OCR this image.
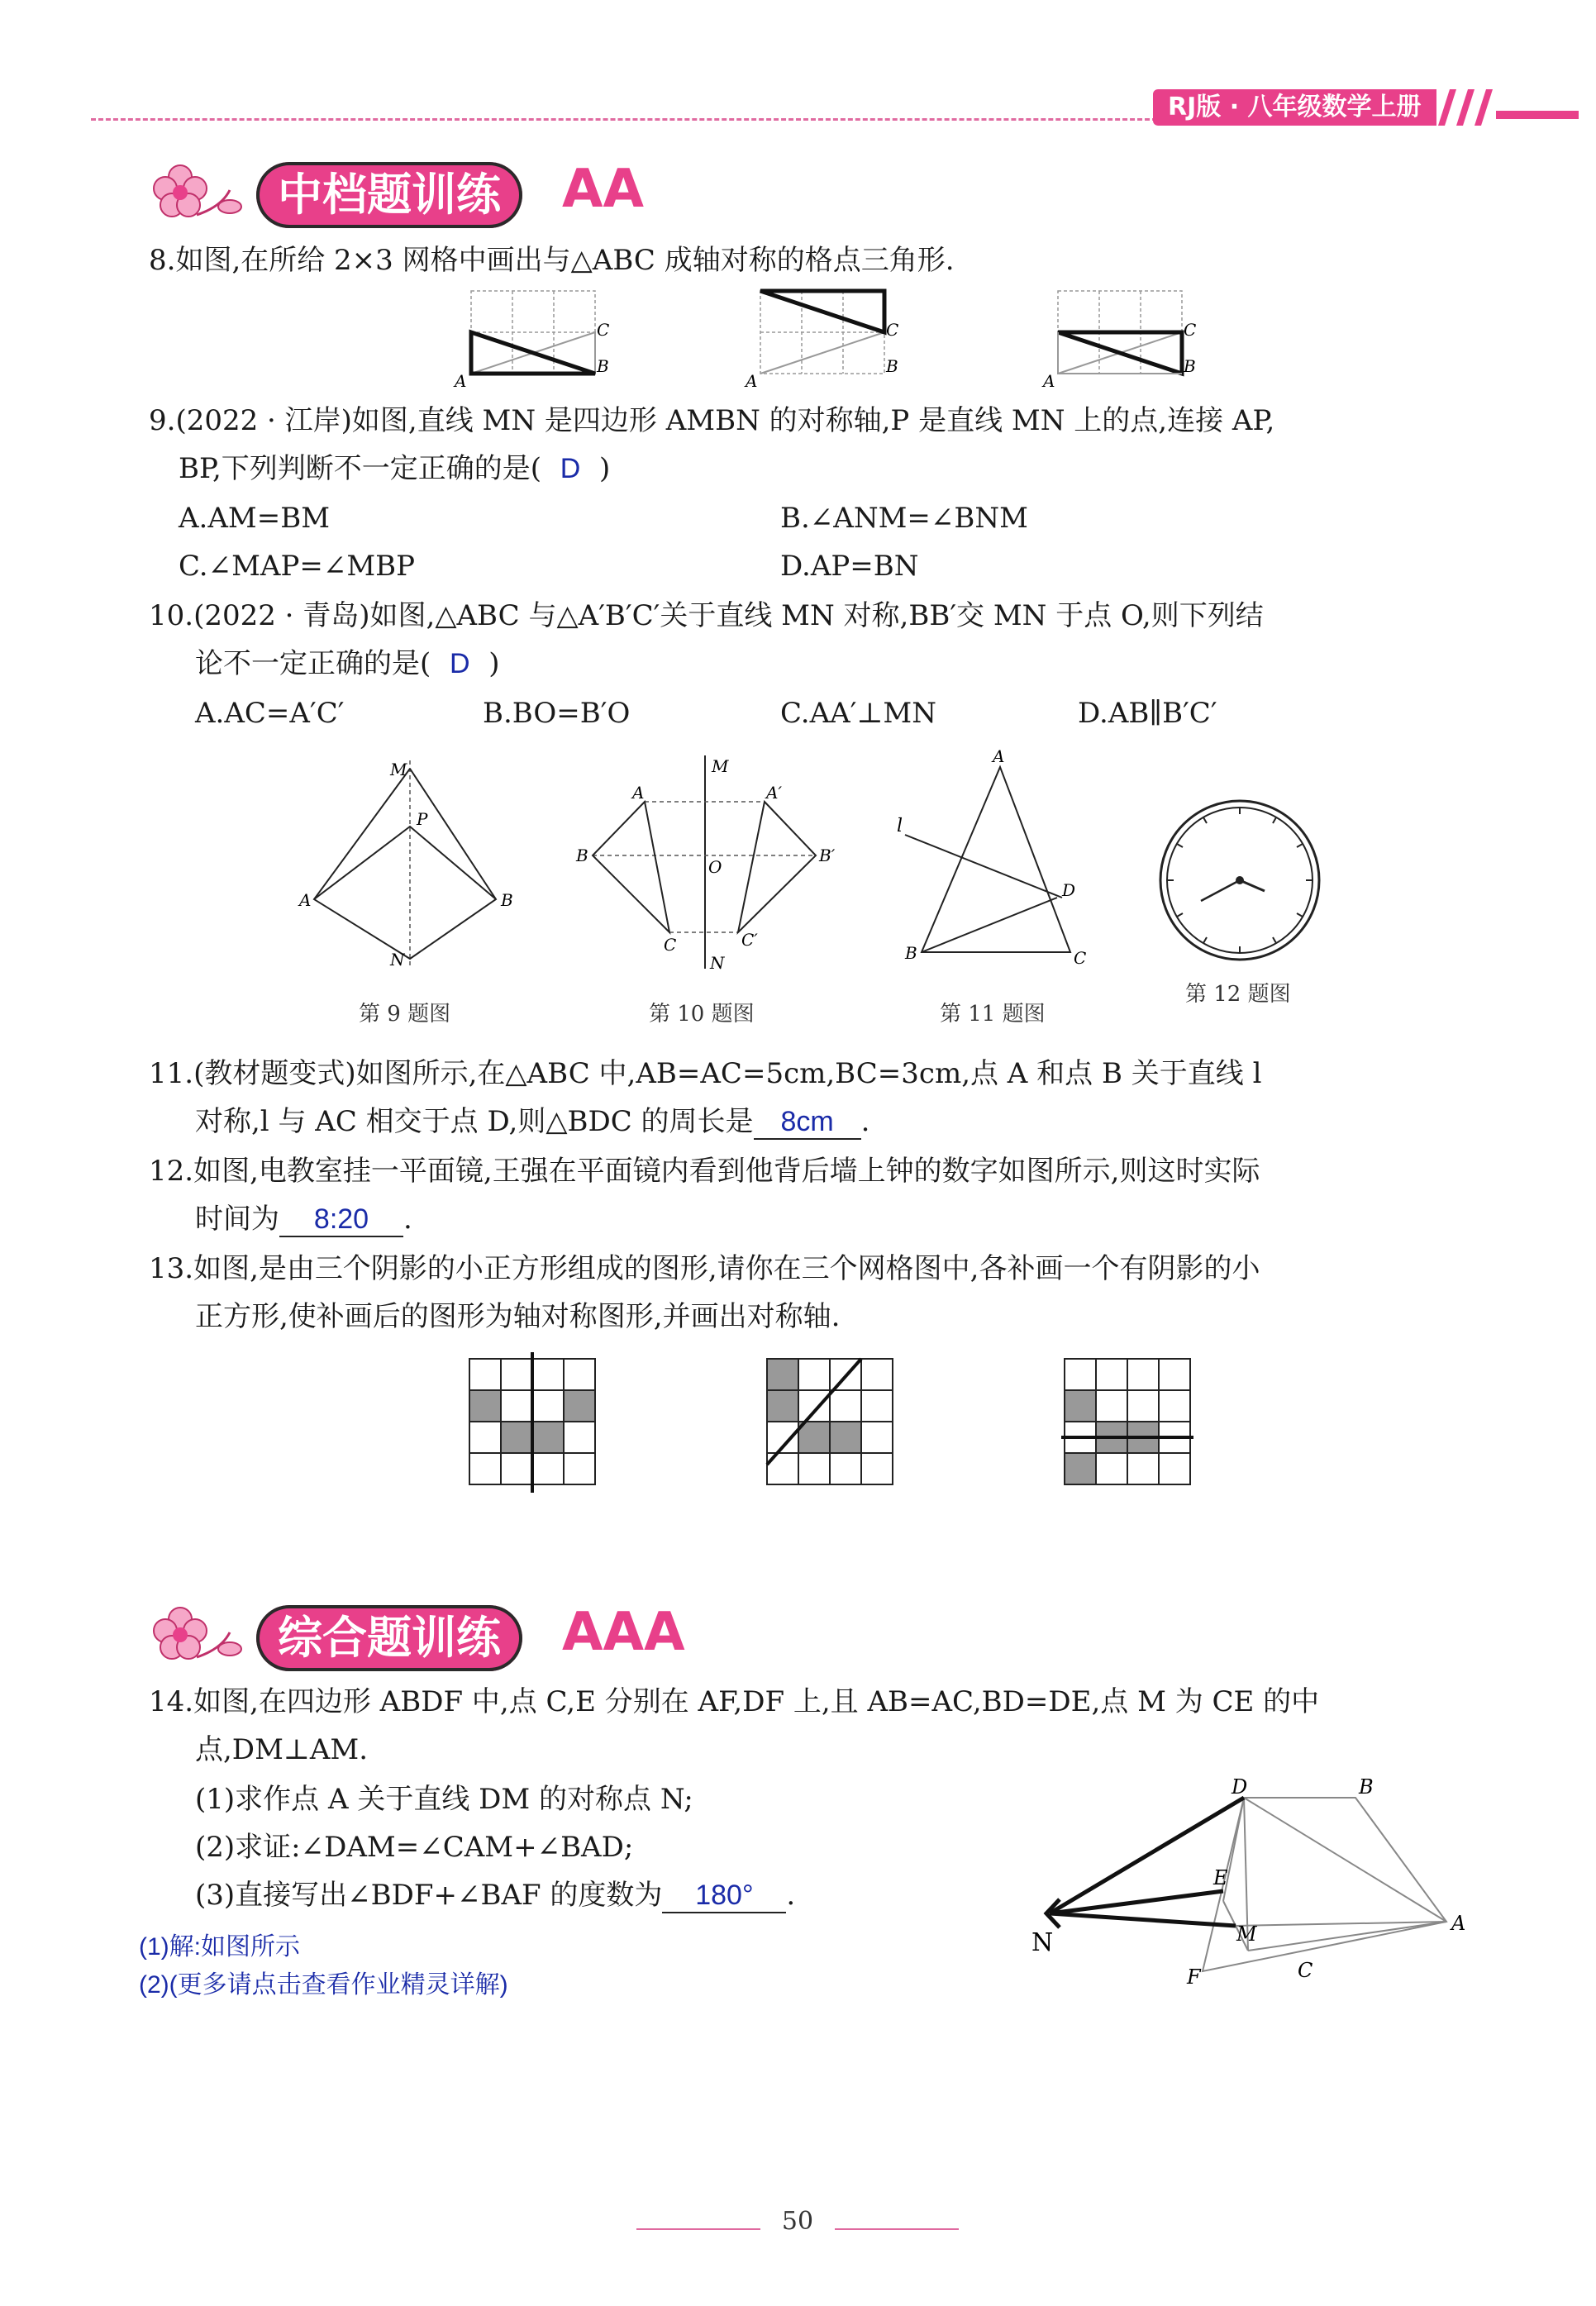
RJ版 · 八年级数学上册
中档题训练	AA
8.如图,在所给 2×3 网格中画出与△ABC 成轴对称的格点三角形.
A
B
C
A
B
C
A
B
C
9.(2022 · 江岸)如图,直线 MN 是四边形 AMBN 的对称轴,P 是直线 MN 上的点,连接 AP,
BP,下列判断不一定正确的是( D )
A.AM=BM	B.∠ANM=∠BNM
C.∠MAP=∠MBP	D.AP=BN
10.(2022 · 青岛)如图,△ABC 与△A′B′C′关于直线 MN 对称,BB′交 MN 于点 O,则下列结
论不一定正确的是( D )
A.AC=A′C′	B.BO=B′O	C.AA′⊥MN	D.AB∥B′C′
M
P
A	B
N
第 9 题图
M
A	A′
B	B′
O
C	C′
N
第 10 题图
A
l
D
B	C
第 11 题图
第 12 题图
11.(教材题变式)如图所示,在△ABC 中,AB=AC=5cm,BC=3cm,点 A 和点 B 关于直线 l
对称,l 与 AC 相交于点 D,则△BDC 的周长是 8cm .
12.如图,电教室挂一平面镜,王强在平面镜内看到他背后墙上钟的数字如图所示,则这时实际
时间为 8:20 .
13.如图,是由三个阴影的小正方形组成的图形,请你在三个网格图中,各补画一个有阴影的小
正方形,使补画后的图形为轴对称图形,并画出对称轴.
综合题训练	AAA
14.如图,在四边形 ABDF 中,点 C,E 分别在 AF,DF 上,且 AB=AC,BD=DE,点 M 为 CE 的中
点,DM⊥AM.
(1)求作点 A 关于直线 DM 的对称点 N;
(2)求证:∠DAM=∠CAM+∠BAD;
(3)直接写出∠BDF+∠BAF 的度数为 180° .
D	B
E
M	A
N
F	C
(1)解:如图所示
(2)(更多请点击查看作业精灵详解)
50
